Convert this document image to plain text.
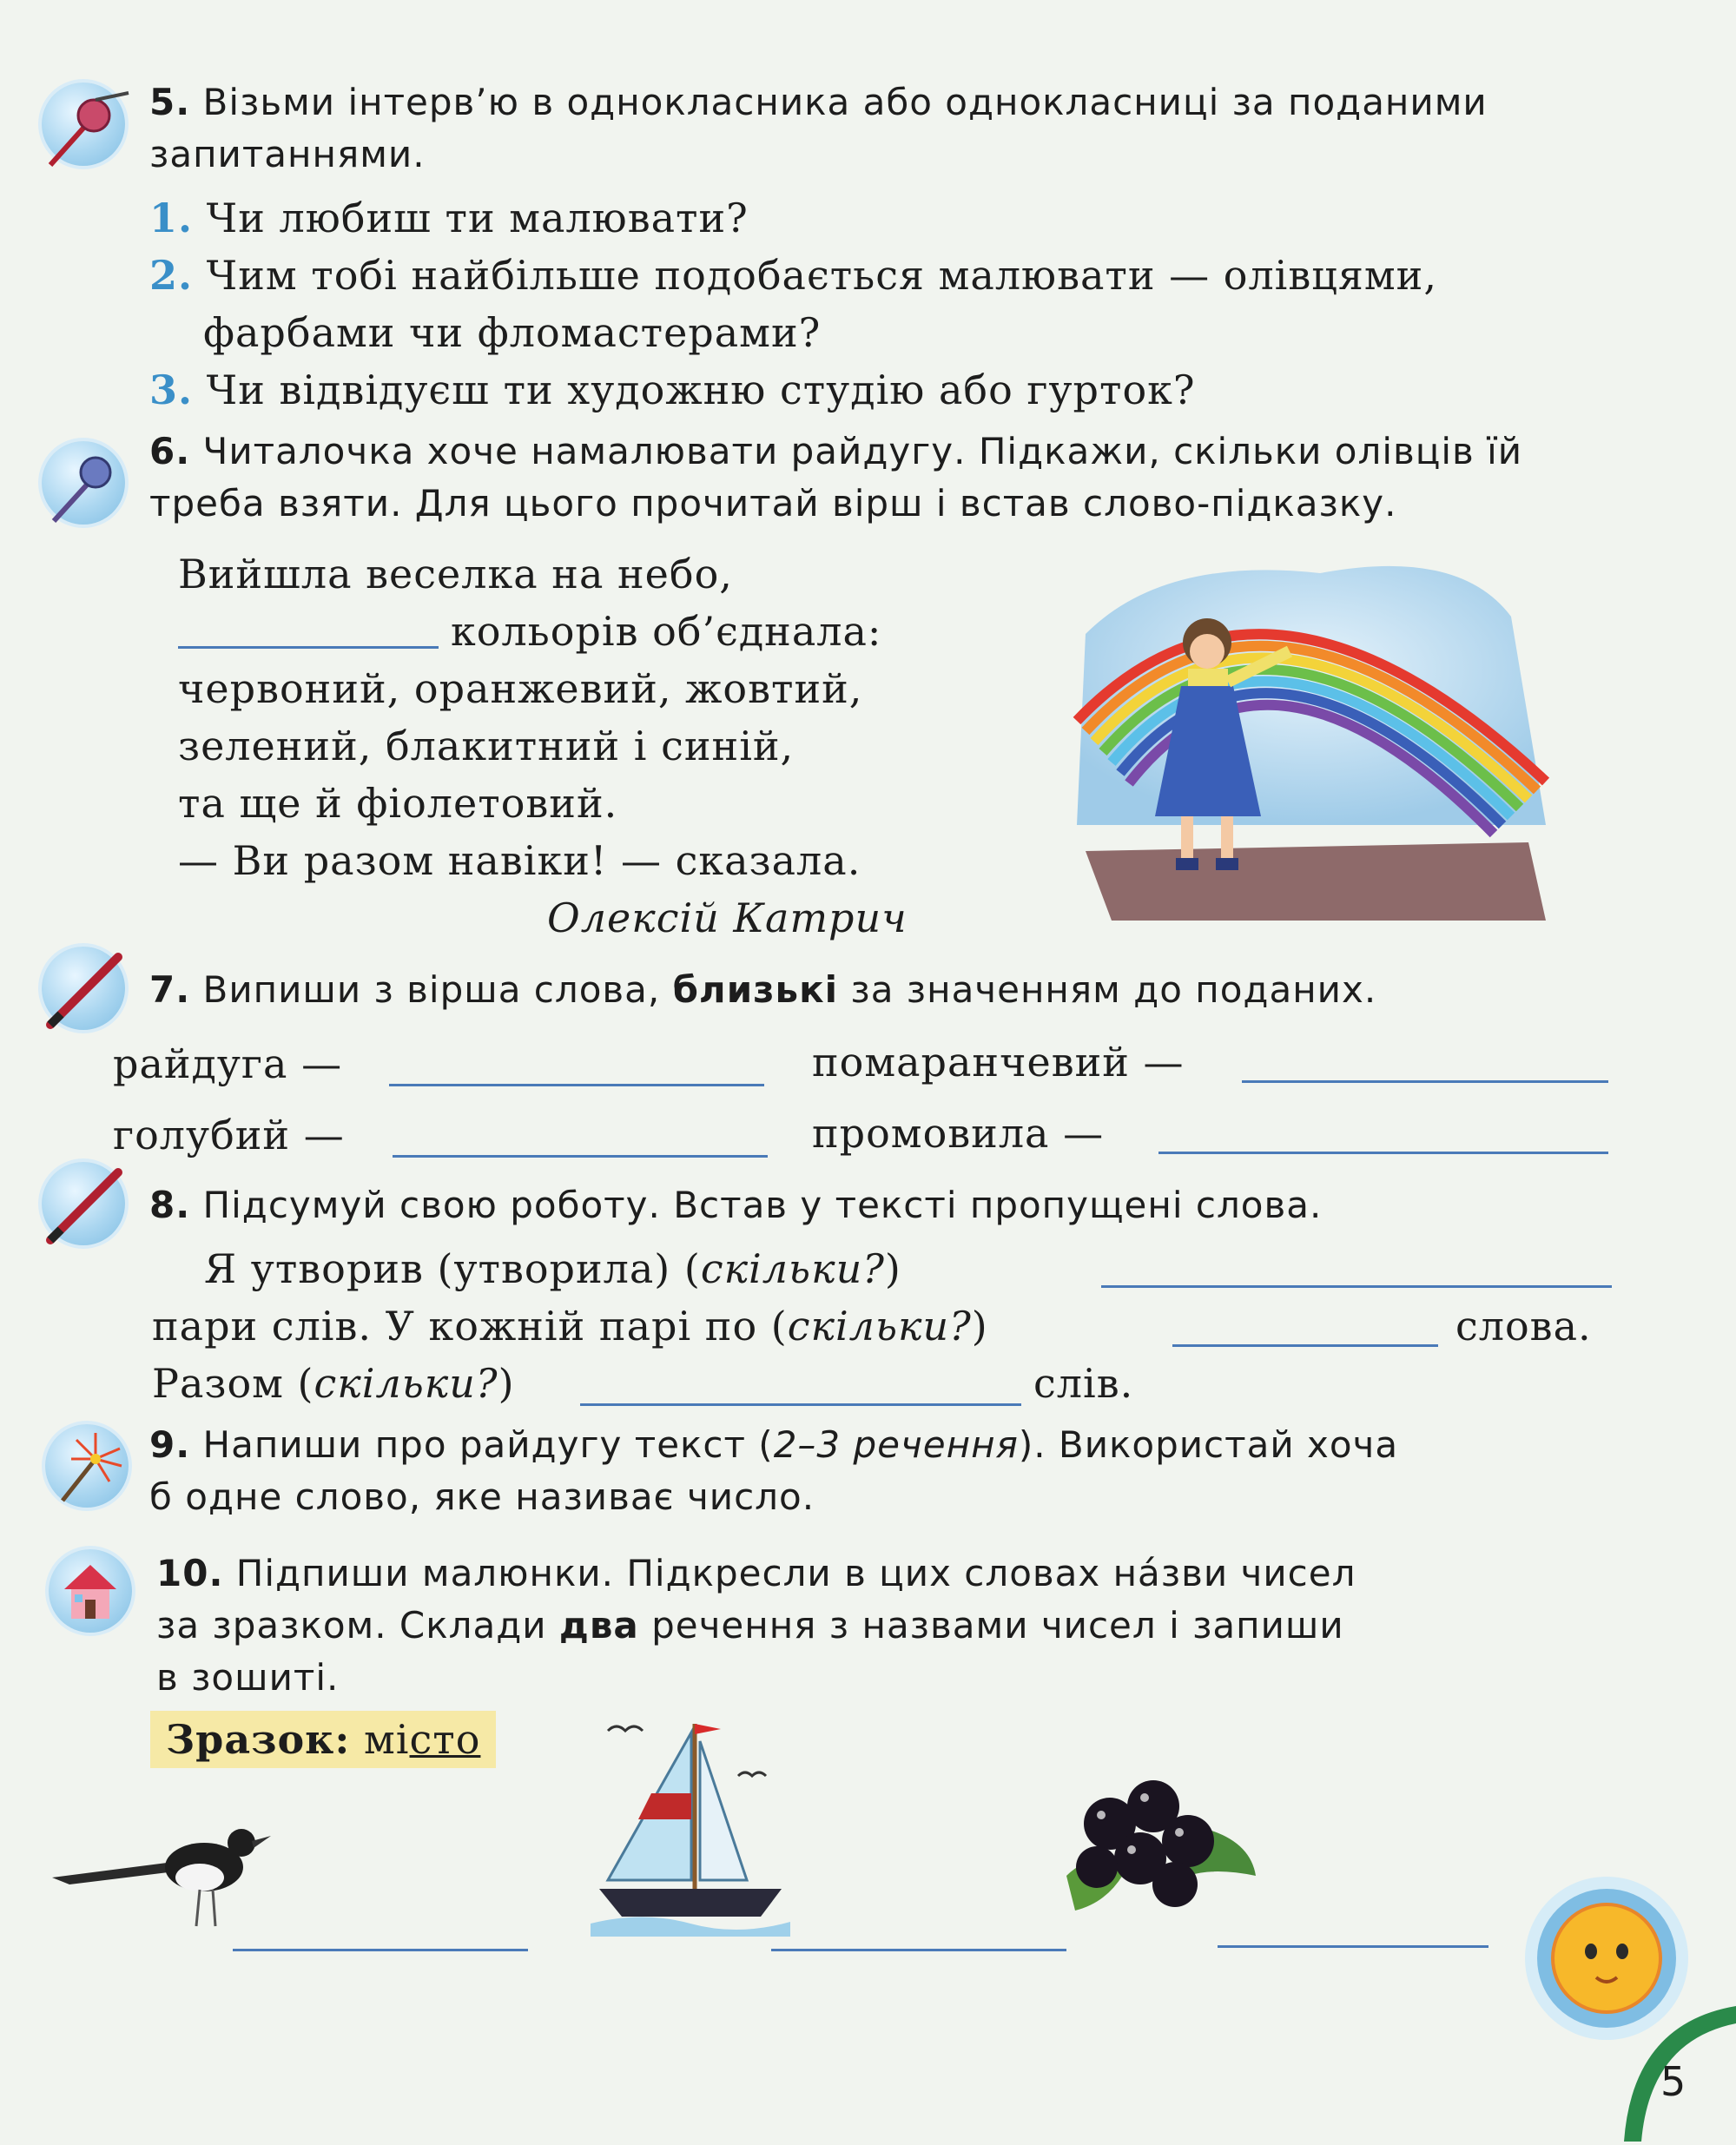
5. Візьми інтерв’ю в однокласника або однокласниці за поданими
запитаннями.
1. Чи любиш ти малювати?
2. Чим тобі найбільше подобається малювати — олівцями,
фарбами чи фломастерами?
3. Чи відвідуєш ти художню студію або гурток?
6. Читалочка хоче намалювати райдугу. Підкажи, скільки олівців їй
треба взяти. Для цього прочитай вірш і встав слово-підказку.
Вийшла веселка на небо,
кольорів об’єднала:
червоний, оранжевий, жовтий,
зелений, блакитний і синій,
та ще й фіолетовий.
— Ви разом навіки! — сказала.
Олексій Катрич
7. Випиши з вірша слова, близькі за значенням до поданих.
райдуга —	помаранчевий —
голубий —	промовила —
8. Підсумуй свою роботу. Встав у тексті пропущені слова.
Я утворив (утворила) (скільки?)
пари слів. У кожній парі по (скільки?)	слова.
Разом (скільки?)	слів.
9. Напиши про райдугу текст (2–3 речення). Використай хоча
б одне слово, яке називає число.
10. Підпиши малюнки. Підкресли в цих словах нáзви чисел
за зразком. Склади два речення з назвами чисел і запиши
в зошиті.
Зразок: місто
5
